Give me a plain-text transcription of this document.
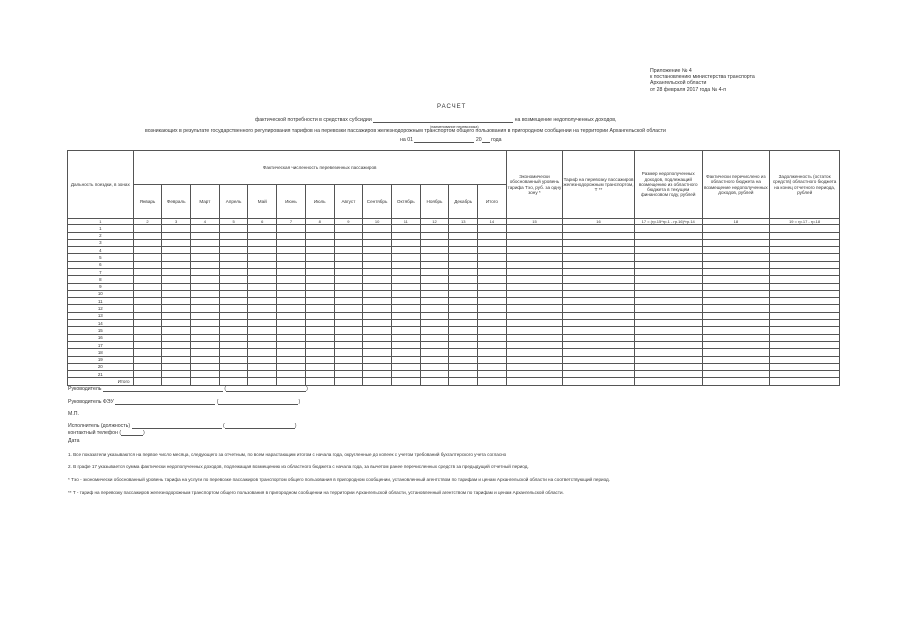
Приложение № 4
к постановлению министерства транспорта
Архангельской области
от 28 февраля 2017 года № 4-п
РАСЧЕТ
фактической потребности в средствах субсидии	на возмещение недополученных доходов,
(наименование перевозчика)
возникающих в результате государственного регулирования тарифов на перевозки пассажиров железнодорожным транспортом общего пользования в пригородном сообщении на территории Архангельской области
на 01	20 года
Дальность поездки, в зонах	Фактическая численность перевезенных пассажиров													Экономически обоснованный уровень тарифа Тэо, руб. за одну зону *	Тариф на перевозку пассажиров железнодорожным транспортом, Т **	Размер недополученных доходов, подлежащий возмещению из областного бюджета в текущем финансовом году, рублей	Фактически перечислено из областного бюджета на возмещение недополученных доходов, рублей	Задолженность (остаток средств) областного бюджета на конец отчетного периода, рублей
	Январь	Февраль	Март	Апрель	Май	Июнь	Июль	Август	Сентябрь	Октябрь	Ноябрь	Декабрь	Итого					
1	2	3	4	5	6	7	8	9	10	11	12	13	14	15	16	17 = (гр.15*гр.1 - гр.16)*гр.14	18	19 = гр.17 - гр.18
1																		
2																		
3																		
4																		
5																		
6																		
7																		
8																		
9																		
10																		
11																		
12																		
13																		
14																		
15																		
16																		
17																		
18																		
19																		
20																		
21																		
Итого																		
Руководитель	(	)
Руководитель ФЭУ	(	)
М.П.
Исполнитель (должность)	(	)
контактный телефон (	)
Дата
1. Все показатели указываются на первое число месяца, следующего за отчетным, по всем нарастающим итогом с начала года, округленные до копеек с учетом требований бухгалтерского учета согласно
2. В графе 17 указывается сумма фактически недополученных доходов, подлежащая возмещению из областного бюджета с начала года, за вычетом ранее перечисленных средств за предыдущий отчетный период.
* Тэо - экономически обоснованный уровень тарифа на услуги по перевозке пассажиров транспортом общего пользования в пригородном сообщении, установленный агентством по тарифам и ценам Архангельской области на соответствующий период.
** Т - тариф на перевозку пассажиров железнодорожным транспортом общего пользования в пригородном сообщении на территории Архангельской области, установленный агентством по тарифам и ценам Архангельской области.
